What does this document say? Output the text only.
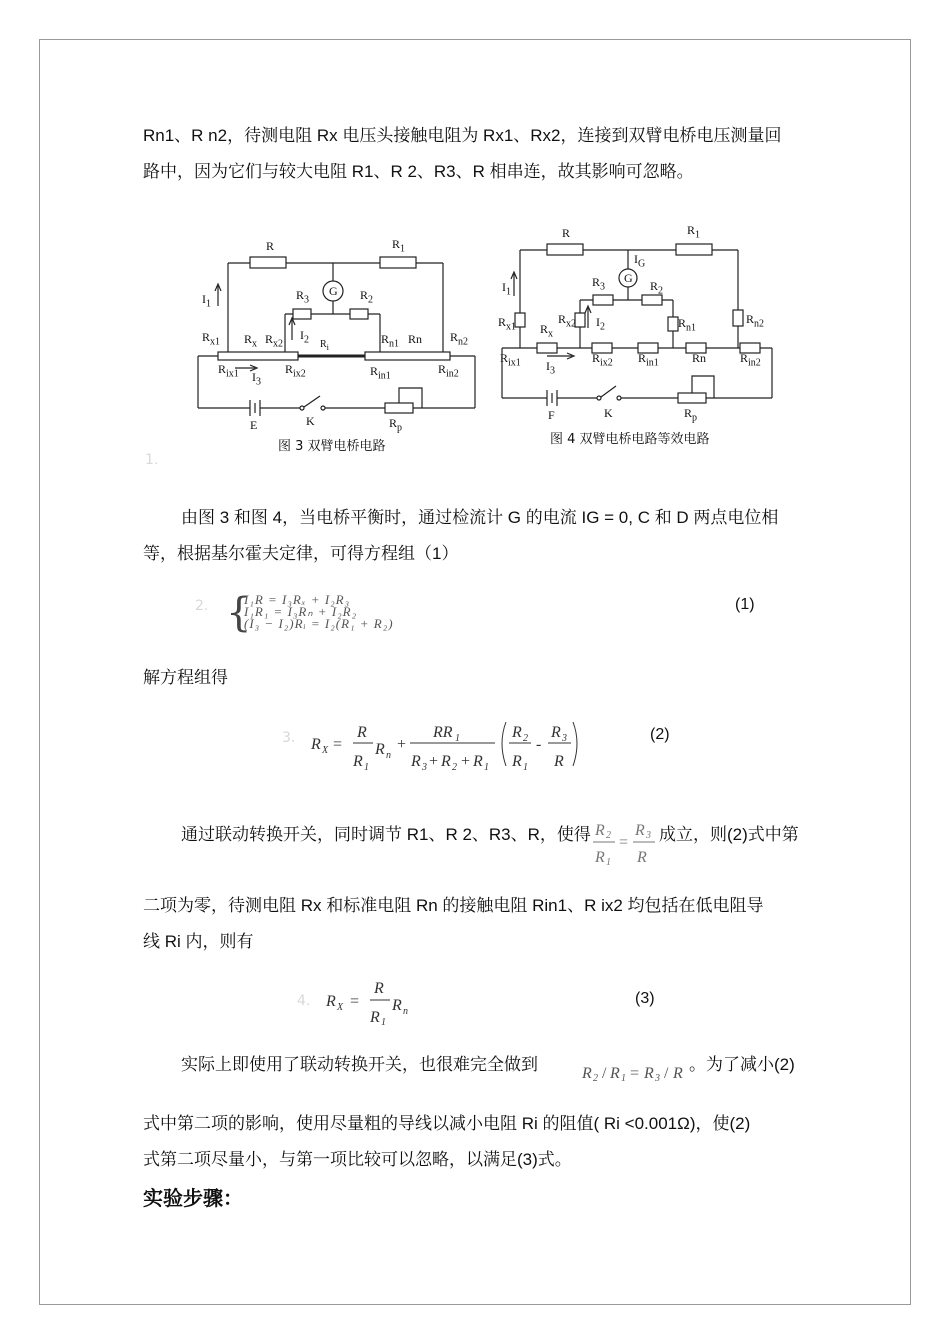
Rn1、R n2，待测电阻 Rx 电压头接触电阻为 Rx1、Rx2，连接到双臂电桥电压测量回
路中，因为它们与较大电阻 R1、R 2、R3、R 相串连，故其影响可忽略。

R	$R_1$
G
$R_3$	$R_2$
$I_1$
$I_2$ $R_i$
$R_{x1}$ $R_x$ $R_{x2}$	$R_{n1}$ Rn $R_{n2}$
$R_{ix1}$ $I_3$
$R_{ix2}$	$R_{in1}$	$R_{in2}$
E	K	$R_p$
图 3 双臂电桥电路
R	$R_1$
$I_G$
G
$R_3$	$R_2$
$I_1$
$I_2$
$R_{x1}$ $R_x$
$R_{x2}$	$R_{n1}$
$R_{n2}$
$R_{ix1}$ $I_3$
$R_{ix2}$ $R_{in1}$	Rn	$R_{in2}$
F	K	$R_p$
图 4 双臂电桥电路等效电路
1.

由图 3 和图 4，当电桥平衡时，通过检流计 G 的电流 IG = 0, C 和 D 两点电位相
等，根据基尔霍夫定律，可得方程组（1）

2. {
I₁R = I₃Rₓ + I₂R₃
I₁R₁ = I₃Rₙ + I₂R₂
(I₃ − I₂)Rᵢ = I₂(R₁ + R₂)
(1)

解方程组得

3. R X =
R
R 1
R n
+
RR 1
R 3 + R 2 + R 1
R 2
R 1
-
R 3
R
(2)
通过联动转换开关，同时调节 R1、R 2、R3、R，使得 R 2
R 1
=
R 3
R
成立，则(2)式中第

二项为零，待测电阻 Rx 和标准电阻 Rn 的接触电阻 Rin1、R ix2 均包括在低电阻导
线 Ri 内，则有

4. R X =
R
R 1
R n
(3)
实际上即使用了联动转换开关，也很难完全做到	R 2 / R 1 = R 3 / R 。为了减小(2)

式中第二项的影响，使用尽量粗的导线以减小电阻 Ri 的阻值( Ri <0.001Ω)，使(2)
式第二项尽量小，与第一项比较可以忽略，以满足(3)式。

实验步骤：
